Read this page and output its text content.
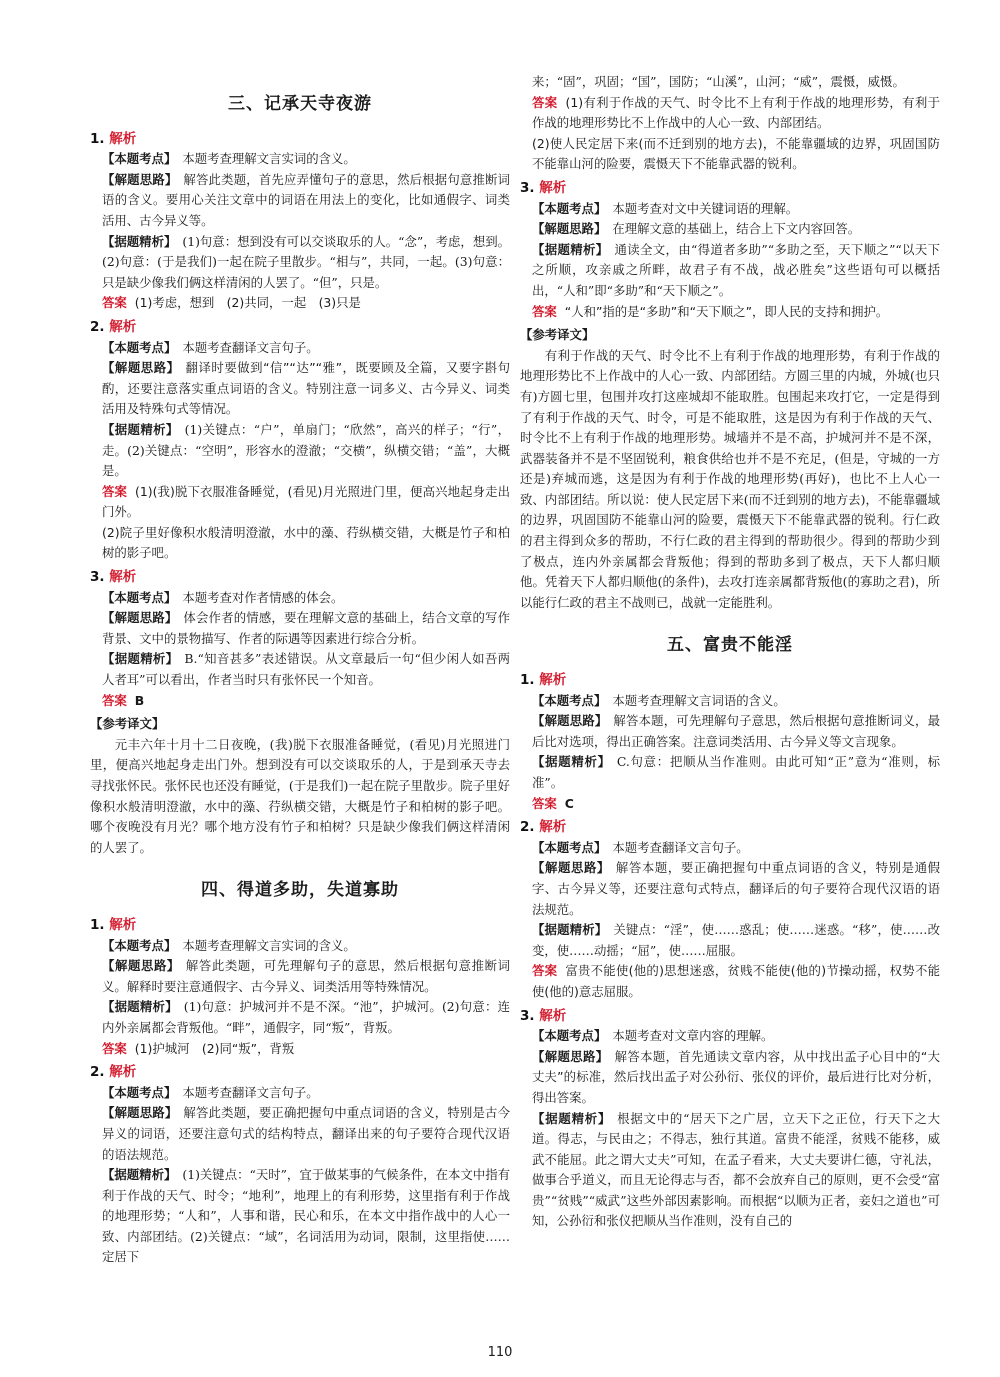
三、记承天寺夜游
1. 解析

【本题考点】 本题考查理解文言实词的含义。

【解题思路】 解答此类题，首先应弄懂句子的意思，然后根据句意推断词语的含义。要用心关注文章中的词语在用法上的变化，比如通假字、词类活用、古今异义等。

【据题精析】 (1)句意：想到没有可以交谈取乐的人。“念”，考虑，想到。(2)句意：(于是我们)一起在院子里散步。“相与”，共同，一起。(3)句意：只是缺少像我们俩这样清闲的人罢了。“但”，只是。

答案 (1)考虑，想到　(2)共同，一起　(3)只是

2. 解析

【本题考点】 本题考查翻译文言句子。

【解题思路】 翻译时要做到“信”“达”“雅”，既要顾及全篇，又要字斟句酌，还要注意落实重点词语的含义。特别注意一词多义、古今异义、词类活用及特殊句式等情况。

【据题精析】 (1)关键点：“户”，单扇门；“欣然”，高兴的样子；“行”，走。(2)关键点：“空明”，形容水的澄澈；“交横”，纵横交错；“盖”，大概是。

答案 (1)(我)脱下衣服准备睡觉，(看见)月光照进门里，便高兴地起身走出门外。

(2)院子里好像积水般清明澄澈，水中的藻、荇纵横交错，大概是竹子和柏树的影子吧。

3. 解析

【本题考点】 本题考查对作者情感的体会。

【解题思路】 体会作者的情感，要在理解文意的基础上，结合文章的写作背景、文中的景物描写、作者的际遇等因素进行综合分析。

【据题精析】 B.“知音甚多”表述错误。从文章最后一句“但少闲人如吾两人者耳”可以看出，作者当时只有张怀民一个知音。

答案 B

【参考译文】

元丰六年十月十二日夜晚，(我)脱下衣服准备睡觉，(看见)月光照进门里，便高兴地起身走出门外。想到没有可以交谈取乐的人，于是到承天寺去寻找张怀民。张怀民也还没有睡觉，(于是我们)一起在院子里散步。院子里好像积水般清明澄澈，水中的藻、荇纵横交错，大概是竹子和柏树的影子吧。哪个夜晚没有月光？哪个地方没有竹子和柏树？只是缺少像我们俩这样清闲的人罢了。

四、得道多助，失道寡助
1. 解析

【本题考点】 本题考查理解文言实词的含义。

【解题思路】 解答此类题，可先理解句子的意思，然后根据句意推断词义。解释时要注意通假字、古今异义、词类活用等特殊情况。

【据题精析】 (1)句意：护城河并不是不深。“池”，护城河。(2)句意：连内外亲属都会背叛他。“畔”，通假字，同“叛”，背叛。

答案 (1)护城河　(2)同“叛”，背叛

2. 解析

【本题考点】 本题考查翻译文言句子。

【解题思路】 解答此类题，要正确把握句中重点词语的含义，特别是古今异义的词语，还要注意句式的结构特点，翻译出来的句子要符合现代汉语的语法规范。

【据题精析】 (1)关键点：“天时”，宜于做某事的气候条件，在本文中指有利于作战的天气、时令；“地利”，地理上的有利形势，这里指有利于作战的地理形势；“人和”，人事和谐，民心和乐，在本文中指作战中的人心一致、内部团结。(2)关键点：“域”，名词活用为动词，限制，这里指使……定居下

来；“固”，巩固；“国”，国防；“山溪”，山河；“威”，震慑，威慑。

答案 (1)有利于作战的天气、时令比不上有利于作战的地理形势，有利于作战的地理形势比不上作战中的人心一致、内部团结。

(2)使人民定居下来(而不迁到别的地方去)，不能靠疆域的边界，巩固国防不能靠山河的险要，震慑天下不能靠武器的锐利。

3. 解析

【本题考点】 本题考查对文中关键词语的理解。

【解题思路】 在理解文意的基础上，结合上下文内容回答。

【据题精析】 通读全文，由“得道者多助”“多助之至，天下顺之”“以天下之所顺，攻亲戚之所畔，故君子有不战，战必胜矣”这些语句可以概括出，“人和”即“多助”和“天下顺之”。

答案 “人和”指的是“多助”和“天下顺之”，即人民的支持和拥护。

【参考译文】

有利于作战的天气、时令比不上有利于作战的地理形势，有利于作战的地理形势比不上作战中的人心一致、内部团结。方圆三里的内城，外城(也只有)方圆七里，包围并攻打这座城却不能取胜。包围起来攻打它，一定是得到了有利于作战的天气、时令，可是不能取胜，这是因为有利于作战的天气、时令比不上有利于作战的地理形势。城墙并不是不高，护城河并不是不深，武器装备并不是不坚固锐利，粮食供给也并不是不充足，(但是，守城的一方还是)弃城而逃，这是因为有利于作战的地理形势(再好)，也比不上人心一致、内部团结。所以说：使人民定居下来(而不迁到别的地方去)，不能靠疆域的边界，巩固国防不能靠山河的险要，震慑天下不能靠武器的锐利。行仁政的君主得到众多的帮助，不行仁政的君主得到的帮助很少。得到的帮助少到了极点，连内外亲属都会背叛他；得到的帮助多到了极点，天下人都归顺他。凭着天下人都归顺他(的条件)，去攻打连亲属都背叛他(的寡助之君)，所以能行仁政的君主不战则已，战就一定能胜利。

五、富贵不能淫
1. 解析

【本题考点】 本题考查理解文言词语的含义。

【解题思路】 解答本题，可先理解句子意思，然后根据句意推断词义，最后比对选项，得出正确答案。注意词类活用、古今异义等文言现象。

【据题精析】 C.句意：把顺从当作准则。由此可知“正”意为“准则，标准”。

答案 C

2. 解析

【本题考点】 本题考查翻译文言句子。

【解题思路】 解答本题，要正确把握句中重点词语的含义，特别是通假字、古今异义等，还要注意句式特点，翻译后的句子要符合现代汉语的语法规范。

【据题精析】 关键点：“淫”，使……惑乱；使……迷惑。“移”，使……改变，使……动摇；“屈”，使……屈服。

答案 富贵不能使(他的)思想迷惑，贫贱不能使(他的)节操动摇，权势不能使(他的)意志屈服。

3. 解析

【本题考点】 本题考查对文章内容的理解。

【解题思路】 解答本题，首先通读文章内容，从中找出孟子心目中的“大丈夫”的标准，然后找出孟子对公孙衍、张仪的评价，最后进行比对分析，得出答案。

【据题精析】 根据文中的“居天下之广居，立天下之正位，行天下之大道。得志，与民由之；不得志，独行其道。富贵不能淫，贫贱不能移，威武不能屈。此之谓大丈夫”可知，在孟子看来，大丈夫要讲仁德，守礼法，做事合乎道义，而且无论得志与否，都不会放弃自己的原则，更不会受“富贵”“贫贱”“威武”这些外部因素影响。而根据“以顺为正者，妾妇之道也”可知，公孙衍和张仪把顺从当作准则，没有自己的

110
